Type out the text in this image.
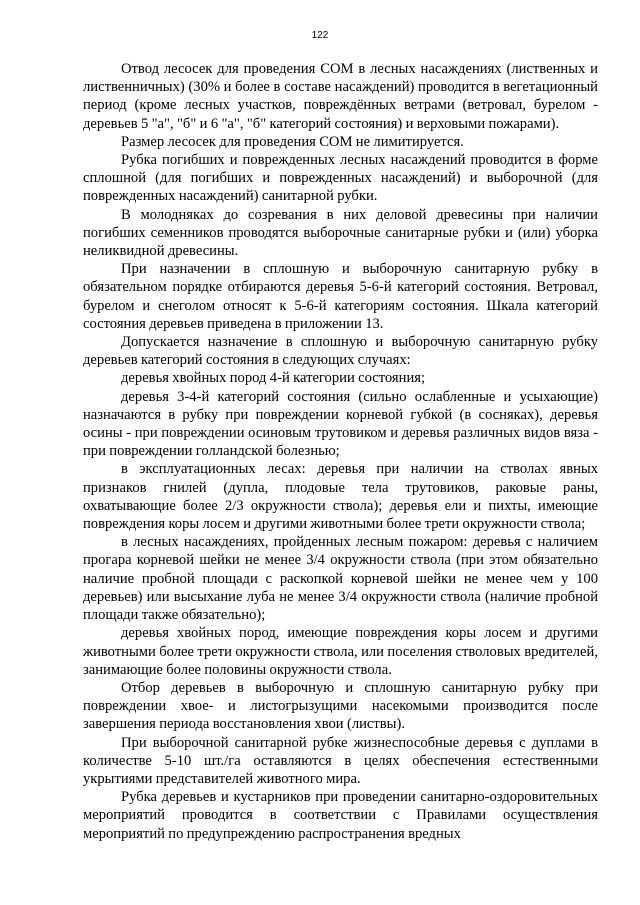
122

Отвод лесосек для проведения СОМ в лесных насаждениях (лиственных и лиственничных) (30% и более в составе насаждений) проводится в вегетационный период (кроме лесных участков, повреждённых ветрами (ветровал, бурелом - деревьев 5 "а", "б" и 6 "а", "б" категорий состояния) и верховыми пожарами).

Размер лесосек для проведения СОМ не лимитируется.

Рубка погибших и поврежденных лесных насаждений проводится в форме сплошной (для погибших и поврежденных насаждений) и выборочной (для поврежденных насаждений) санитарной рубки.

В молодняках до созревания в них деловой древесины при наличии погибших семенников проводятся выборочные санитарные рубки и (или) уборка неликвидной древесины.

При назначении в сплошную и выборочную санитарную рубку в обязательном порядке отбираются деревья 5-6-й категорий состояния. Ветровал, бурелом и снеголом относят к 5-6-й категориям состояния. Шкала категорий состояния деревьев приведена в приложении 13.

Допускается назначение в сплошную и выборочную санитарную рубку деревьев категорий состояния в следующих случаях:

деревья хвойных пород 4-й категории состояния;

деревья 3-4-й категорий состояния (сильно ослабленные и усыхающие) назначаются в рубку при повреждении корневой губкой (в сосняках), деревья осины - при повреждении осиновым трутовиком и деревья различных видов вяза - при повреждении голландской болезнью;

в эксплуатационных лесах: деревья при наличии на стволах явных признаков гнилей (дупла, плодовые тела трутовиков, раковые раны, охватывающие более 2/3 окружности ствола); деревья ели и пихты, имеющие повреждения коры лосем и другими животными более трети окружности ствола;

в лесных насаждениях, пройденных лесным пожаром: деревья с наличием прогара корневой шейки не менее 3/4 окружности ствола (при этом обязательно наличие пробной площади с раскопкой корневой шейки не менее чем у 100 деревьев) или высыхание луба не менее 3/4 окружности ствола (наличие пробной площади также обязательно);

деревья хвойных пород, имеющие повреждения коры лосем и другими животными более трети окружности ствола, или поселения стволовых вредителей, занимающие более половины окружности ствола.

Отбор деревьев в выборочную и сплошную санитарную рубку при повреждении хвое- и листогрызущими насекомыми производится после завершения периода восстановления хвои (листвы).

При выборочной санитарной рубке жизнеспособные деревья с дуплами в количестве 5-10 шт./га оставляются в целях обеспечения естественными укрытиями представителей животного мира.

Рубка деревьев и кустарников при проведении санитарно-оздоровительных мероприятий проводится в соответствии с Правилами осуществления мероприятий по предупреждению распространения вредных
